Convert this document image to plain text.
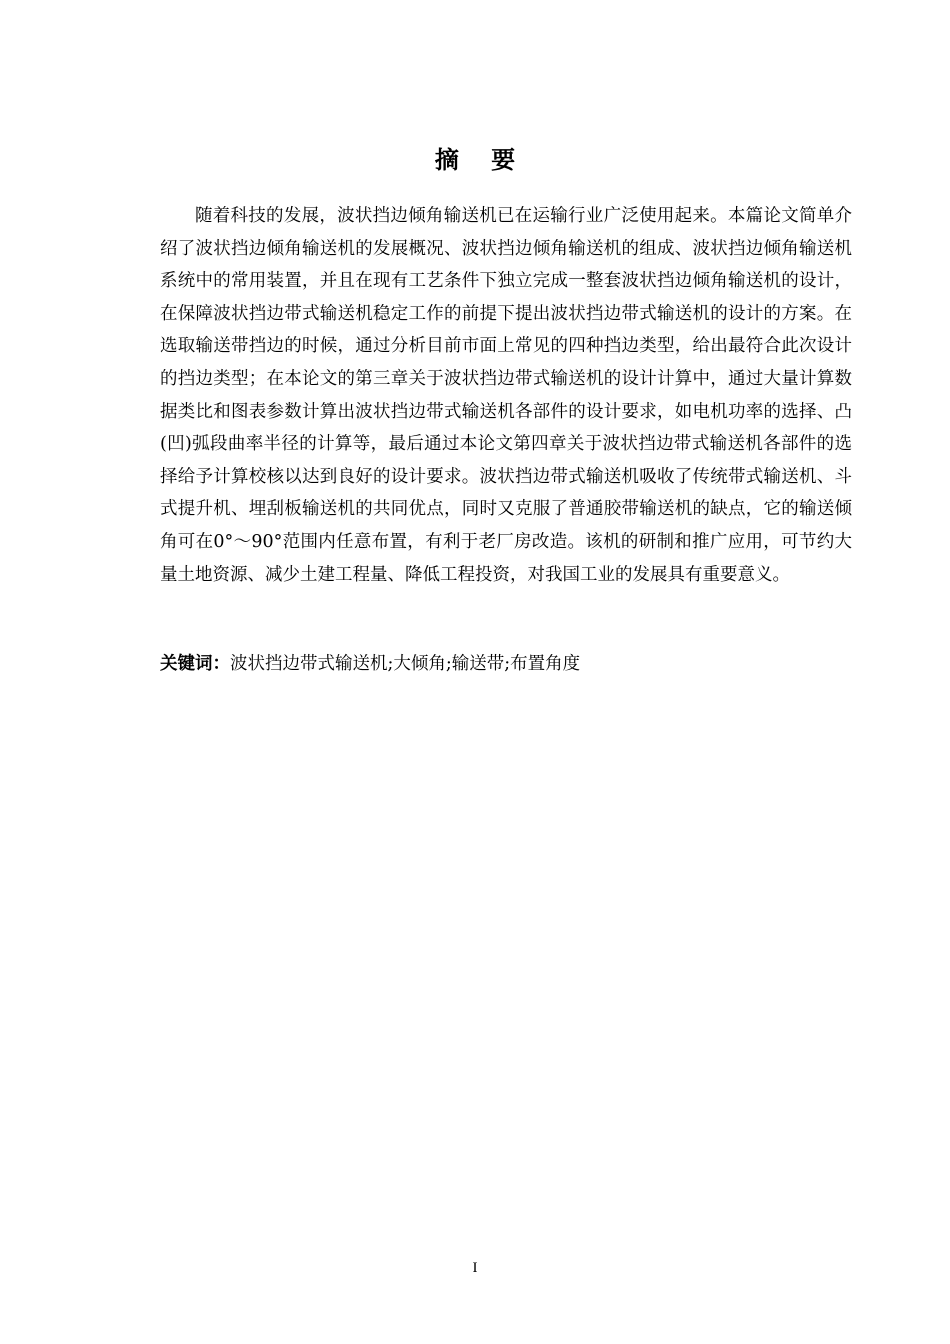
摘 要

随着科技的发展，波状挡边倾角输送机已在运输行业广泛使用起来。本篇论文简单介绍了波状挡边倾角输送机的发展概况、波状挡边倾角输送机的组成、波状挡边倾角输送机系统中的常用装置，并且在现有工艺条件下独立完成一整套波状挡边倾角输送机的设计，在保障波状挡边带式输送机稳定工作的前提下提出波状挡边带式输送机的设计的方案。在选取输送带挡边的时候，通过分析目前市面上常见的四种挡边类型，给出最符合此次设计的挡边类型；在本论文的第三章关于波状挡边带式输送机的设计计算中，通过大量计算数据类比和图表参数计算出波状挡边带式输送机各部件的设计要求，如电机功率的选择、凸(凹)弧段曲率半径的计算等，最后通过本论文第四章关于波状挡边带式输送机各部件的选择给予计算校核以达到良好的设计要求。波状挡边带式输送机吸收了传统带式输送机、斗式提升机、埋刮板输送机的共同优点，同时又克服了普通胶带输送机的缺点，它的输送倾角可在0°～90°范围内任意布置，有利于老厂房改造。该机的研制和推广应用，可节约大量土地资源、减少土建工程量、降低工程投资，对我国工业的发展具有重要意义。

关键词：波状挡边带式输送机;大倾角;输送带;布置角度

I
